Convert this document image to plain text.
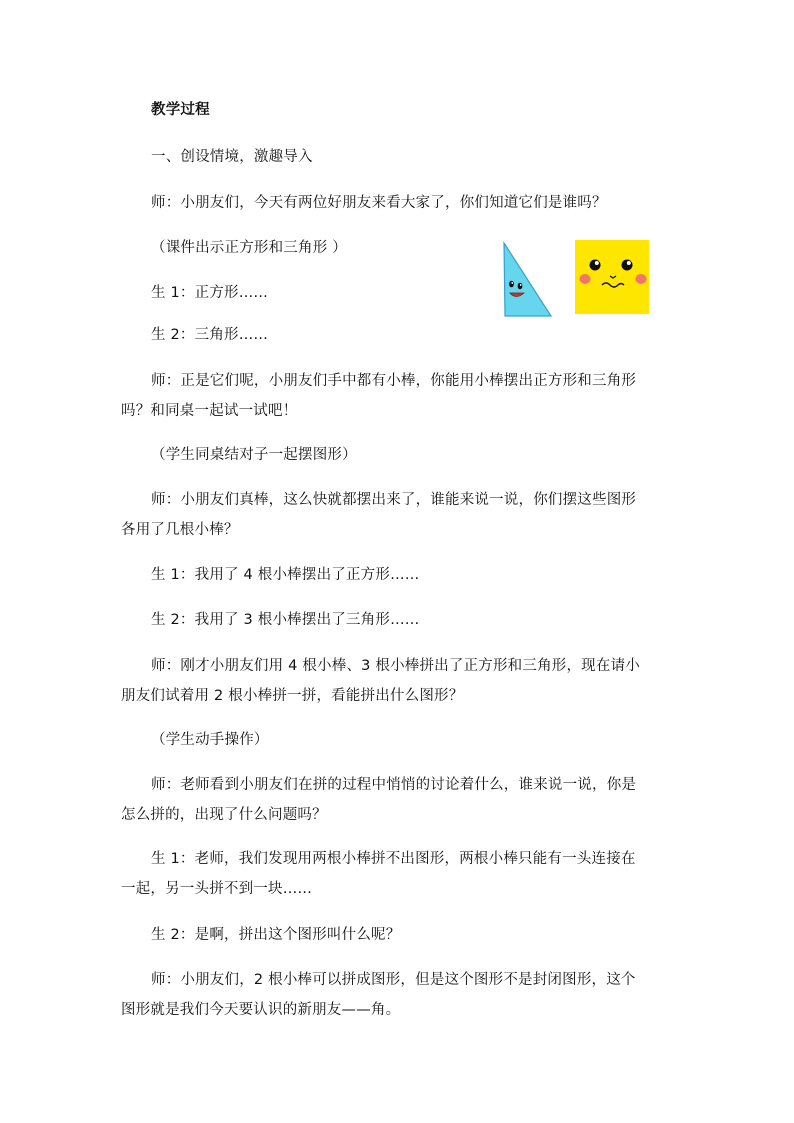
教学过程

一、创设情境，激趣导入

师：小朋友们，今天有两位好朋友来看大家了，你们知道它们是谁吗？

（课件出示正方形和三角形 ）

生 1：正方形……

生 2：三角形……

师：正是它们呢，小朋友们手中都有小棒，你能用小棒摆出正方形和三角形

吗？和同桌一起试一试吧！

（学生同桌结对子一起摆图形）

师：小朋友们真棒，这么快就都摆出来了，谁能来说一说，你们摆这些图形

各用了几根小棒？

生 1：我用了 4 根小棒摆出了正方形……

生 2：我用了 3 根小棒摆出了三角形……

师：刚才小朋友们用 4 根小棒、3 根小棒拼出了正方形和三角形，现在请小

朋友们试着用 2 根小棒拼一拼，看能拼出什么图形？

（学生动手操作）

师：老师看到小朋友们在拼的过程中悄悄的讨论着什么，谁来说一说，你是

怎么拼的，出现了什么问题吗？

生 1：老师，我们发现用两根小棒拼不出图形，两根小棒只能有一头连接在

一起，另一头拼不到一块……

生 2：是啊，拼出这个图形叫什么呢？

师：小朋友们，2 根小棒可以拼成图形，但是这个图形不是封闭图形，这个

图形就是我们今天要认识的新朋友——角。
